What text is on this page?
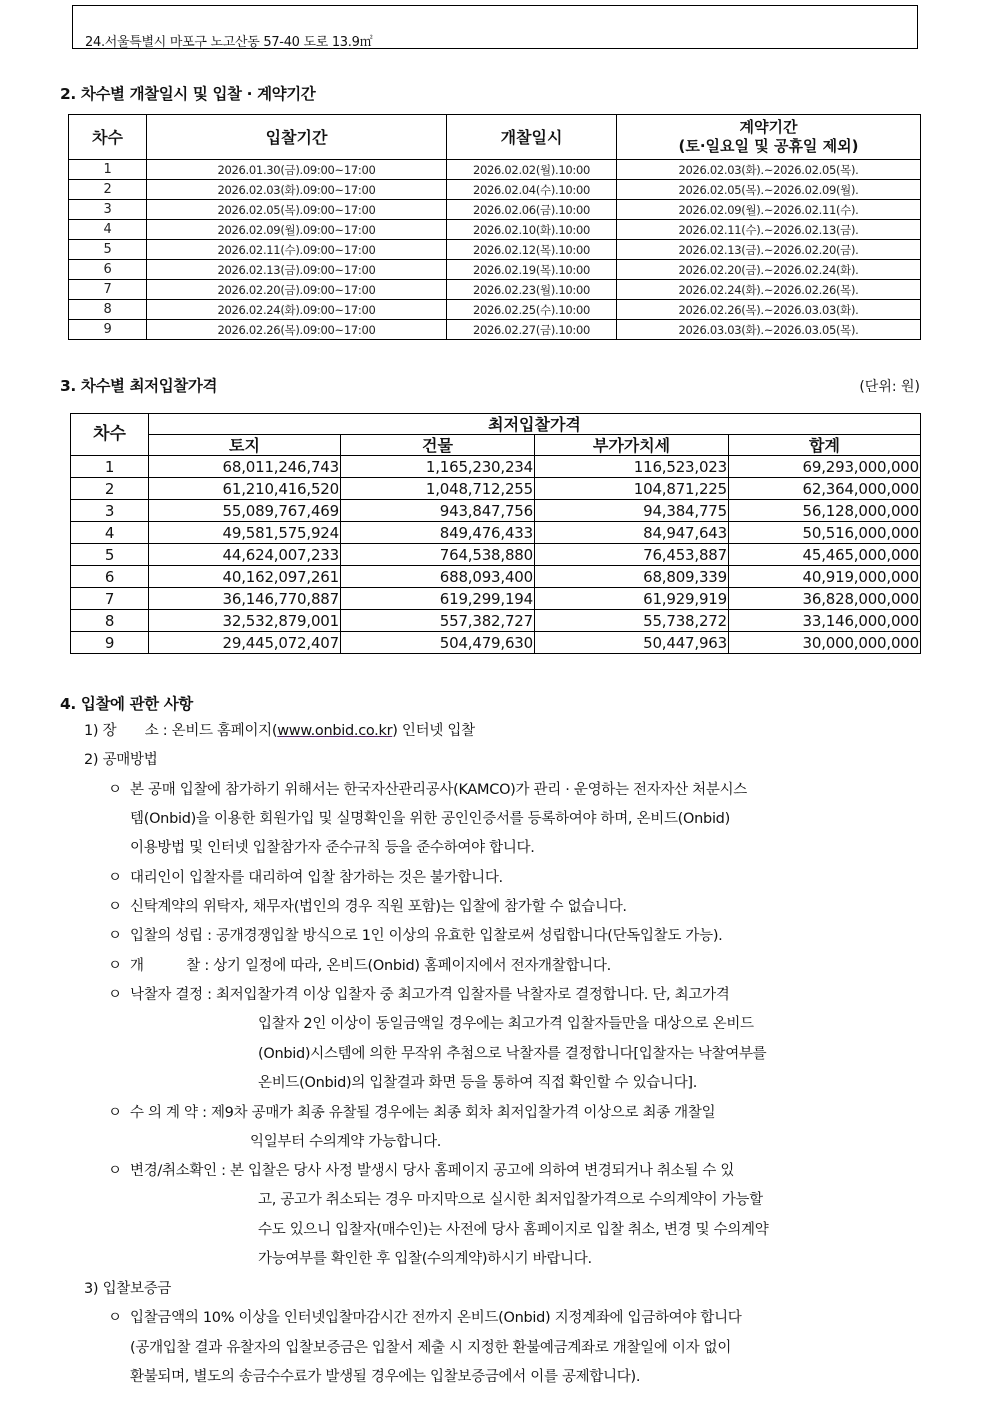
24.서울특별시 마포구 노고산동 57-40 도로 13.9㎡
2. 차수별 개찰일시 및 입찰 · 계약기간
차수	입찰기간	개찰일시	계약기간
(토·일요일 및 공휴일 제외)

1	2026.01.30(금).09:00~17:00	2026.02.02(월).10:00	2026.02.03(화).~2026.02.05(목).
2	2026.02.03(화).09:00~17:00	2026.02.04(수).10:00	2026.02.05(목).~2026.02.09(월).
3	2026.02.05(목).09:00~17:00	2026.02.06(금).10:00	2026.02.09(월).~2026.02.11(수).
4	2026.02.09(월).09:00~17:00	2026.02.10(화).10:00	2026.02.11(수).~2026.02.13(금).
5	2026.02.11(수).09:00~17:00	2026.02.12(목).10:00	2026.02.13(금).~2026.02.20(금).
6	2026.02.13(금).09:00~17:00	2026.02.19(목).10:00	2026.02.20(금).~2026.02.24(화).
7	2026.02.20(금).09:00~17:00	2026.02.23(월).10:00	2026.02.24(화).~2026.02.26(목).
8	2026.02.24(화).09:00~17:00	2026.02.25(수).10:00	2026.02.26(목).~2026.03.03(화).
9	2026.02.26(목).09:00~17:00	2026.02.27(금).10:00	2026.03.03(화).~2026.03.05(목).
3. 차수별 최저입찰가격	(단위: 원)
차수	최저입찰가격			
	토지	건물	부가가치세	합계
1	68,011,246,743	1,165,230,234	116,523,023	69,293,000,000
2	61,210,416,520	1,048,712,255	104,871,225	62,364,000,000
3	55,089,767,469	943,847,756	94,384,775	56,128,000,000
4	49,581,575,924	849,476,433	84,947,643	50,516,000,000
5	44,624,007,233	764,538,880	76,453,887	45,465,000,000
6	40,162,097,261	688,093,400	68,809,339	40,919,000,000
7	36,146,770,887	619,299,194	61,929,919	36,828,000,000
8	32,532,879,001	557,382,727	55,738,272	33,146,000,000
9	29,445,072,407	504,479,630	50,447,963	30,000,000,000
4. 입찰에 관한 사항
1) 장　　소 : 온비드 홈페이지(www.onbid.co.kr) 인터넷 입찰
2) 공매방법
ㅇ 본 공매 입찰에 참가하기 위해서는 한국자산관리공사(KAMCO)가 관리 · 운영하는 전자자산 처분시스
템(Onbid)을 이용한 회원가입 및 실명확인을 위한 공인인증서를 등록하여야 하며, 온비드(Onbid)
이용방법 및 인터넷 입찰참가자 준수규칙 등을 준수하여야 합니다.
ㅇ 대리인이 입찰자를 대리하여 입찰 참가하는 것은 불가합니다.
ㅇ 신탁계약의 위탁자, 채무자(법인의 경우 직원 포함)는 입찰에 참가할 수 없습니다.
ㅇ 입찰의 성립 : 공개경쟁입찰 방식으로 1인 이상의 유효한 입찰로써 성립합니다(단독입찰도 가능).
ㅇ 개　　　찰 : 상기 일정에 따라, 온비드(Onbid) 홈페이지에서 전자개찰합니다.
ㅇ 낙찰자 결정 : 최저입찰가격 이상 입찰자 중 최고가격 입찰자를 낙찰자로 결정합니다. 단, 최고가격
입찰자 2인 이상이 동일금액일 경우에는 최고가격 입찰자들만을 대상으로 온비드
(Onbid)시스템에 의한 무작위 추첨으로 낙찰자를 결정합니다[입찰자는 낙찰여부를
온비드(Onbid)의 입찰결과 화면 등을 통하여 직접 확인할 수 있습니다].
ㅇ 수 의 계 약 : 제9차 공매가 최종 유찰될 경우에는 최종 회차 최저입찰가격 이상으로 최종 개찰일
익일부터 수의계약 가능합니다.
ㅇ 변경/취소확인 : 본 입찰은 당사 사정 발생시 당사 홈페이지 공고에 의하여 변경되거나 취소될 수 있
고, 공고가 취소되는 경우 마지막으로 실시한 최저입찰가격으로 수의계약이 가능할
수도 있으니 입찰자(매수인)는 사전에 당사 홈페이지로 입찰 취소, 변경 및 수의계약
가능여부를 확인한 후 입찰(수의계약)하시기 바랍니다.
3) 입찰보증금
ㅇ 입찰금액의 10% 이상을 인터넷입찰마감시간 전까지 온비드(Onbid) 지정계좌에 입금하여야 합니다
(공개입찰 결과 유찰자의 입찰보증금은 입찰서 제출 시 지정한 환불예금계좌로 개찰일에 이자 없이
환불되며, 별도의 송금수수료가 발생될 경우에는 입찰보증금에서 이를 공제합니다).
